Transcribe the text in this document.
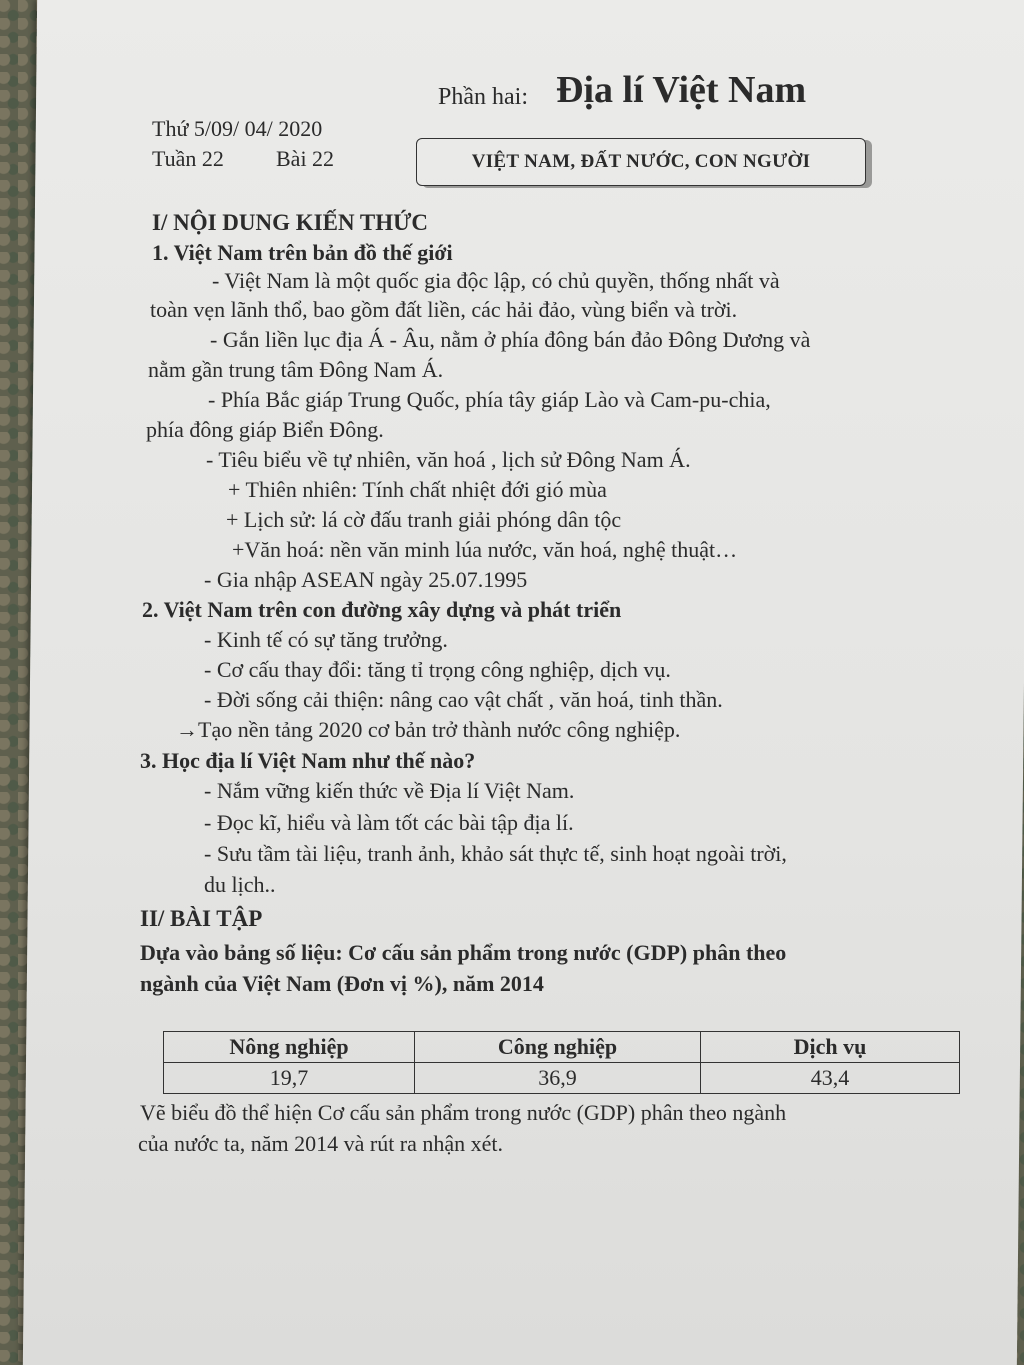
Phần hai: Địa lí Việt Nam
Thứ 5/09/ 04/ 2020
Tuần 22 Bài 22	VIỆT NAM, ĐẤT NƯỚC, CON NGƯỜI
I/ NỘI DUNG KIẾN THỨC
1. Việt Nam trên bản đồ thế giới
- Việt Nam là một quốc gia độc lập, có chủ quyền, thống nhất và
toàn vẹn lãnh thổ, bao gồm đất liền, các hải đảo, vùng biển và trời.
- Gắn liền lục địa Á - Âu, nằm ở phía đông bán đảo Đông Dương và
nằm gần trung tâm Đông Nam Á.
- Phía Bắc giáp Trung Quốc, phía tây giáp Lào và Cam-pu-chia,
phía đông giáp Biển Đông.
- Tiêu biểu về tự nhiên, văn hoá , lịch sử Đông Nam Á.
+ Thiên nhiên: Tính chất nhiệt đới gió mùa
+ Lịch sử: lá cờ đấu tranh giải phóng dân tộc
+Văn hoá: nền văn minh lúa nước, văn hoá, nghệ thuật…
- Gia nhập ASEAN ngày 25.07.1995
2. Việt Nam trên con đường xây dựng và phát triển
- Kinh tế có sự tăng trưởng.
- Cơ cấu thay đổi: tăng tỉ trọng công nghiệp, dịch vụ.
- Đời sống cải thiện: nâng cao vật chất , văn hoá, tinh thần.
→Tạo nền tảng 2020 cơ bản trở thành nước công nghiệp.
3. Học địa lí Việt Nam như thế nào?
- Nắm vững kiến thức về Địa lí Việt Nam.
- Đọc kĩ, hiểu và làm tốt các bài tập địa lí.
- Sưu tầm tài liệu, tranh ảnh, khảo sát thực tế, sinh hoạt ngoài trời,
du lịch..
II/ BÀI TẬP
Dựa vào bảng số liệu: Cơ cấu sản phẩm trong nước (GDP) phân theo
ngành của Việt Nam (Đơn vị %), năm 2014
Nông nghiệp	Công nghiệp	Dịch vụ
19,7	36,9	43,4
Vẽ biểu đồ thể hiện Cơ cấu sản phẩm trong nước (GDP) phân theo ngành
của nước ta, năm 2014 và rút ra nhận xét.
